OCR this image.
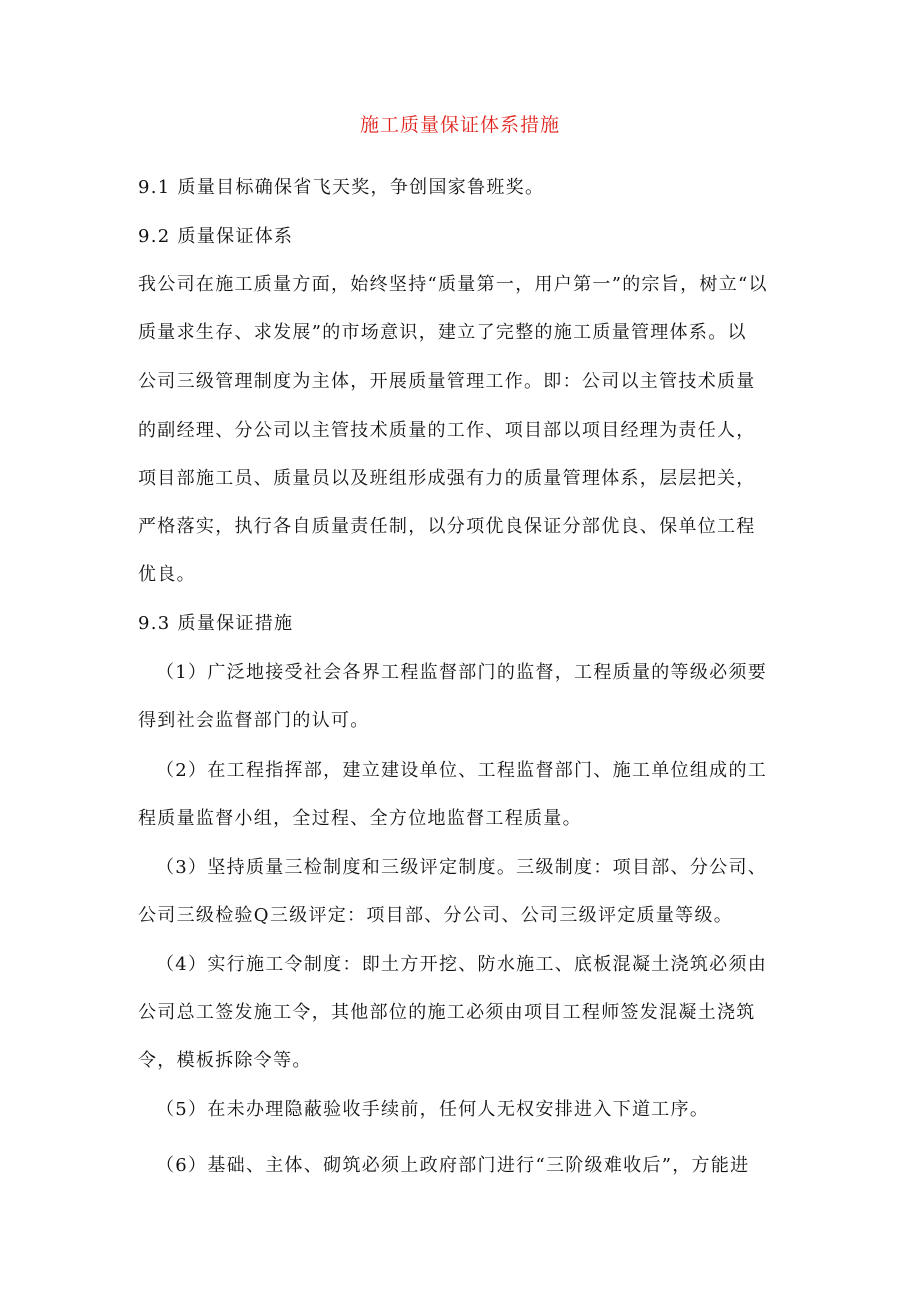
施工质量保证体系措施
9.1 质量目标确保省飞天奖，争创国家鲁班奖。
9.2 质量保证体系
我公司在施工质量方面，始终坚持“质量第一，用户第一”的宗旨，树立“以
质量求生存、求发展”的市场意识，建立了完整的施工质量管理体系。以
公司三级管理制度为主体，开展质量管理工作。即：公司以主管技术质量
的副经理、分公司以主管技术质量的工作、项目部以项目经理为责任人，
项目部施工员、质量员以及班组形成强有力的质量管理体系，层层把关，
严格落实，执行各自质量责任制，以分项优良保证分部优良、保单位工程
优良。
9.3 质量保证措施
（1）广泛地接受社会各界工程监督部门的监督，工程质量的等级必须要
得到社会监督部门的认可。
（2）在工程指挥部，建立建设单位、工程监督部门、施工单位组成的工
程质量监督小组，全过程、全方位地监督工程质量。
（3）坚持质量三检制度和三级评定制度。三级制度：项目部、分公司、
公司三级检验Q三级评定：项目部、分公司、公司三级评定质量等级。
（4）实行施工令制度：即土方开挖、防水施工、底板混凝土浇筑必须由
公司总工签发施工令，其他部位的施工必须由项目工程师签发混凝土浇筑
令，模板拆除令等。
（5）在未办理隐蔽验收手续前，任何人无权安排进入下道工序。
（6）基础、主体、砌筑必须上政府部门进行“三阶级难收后”，方能进
